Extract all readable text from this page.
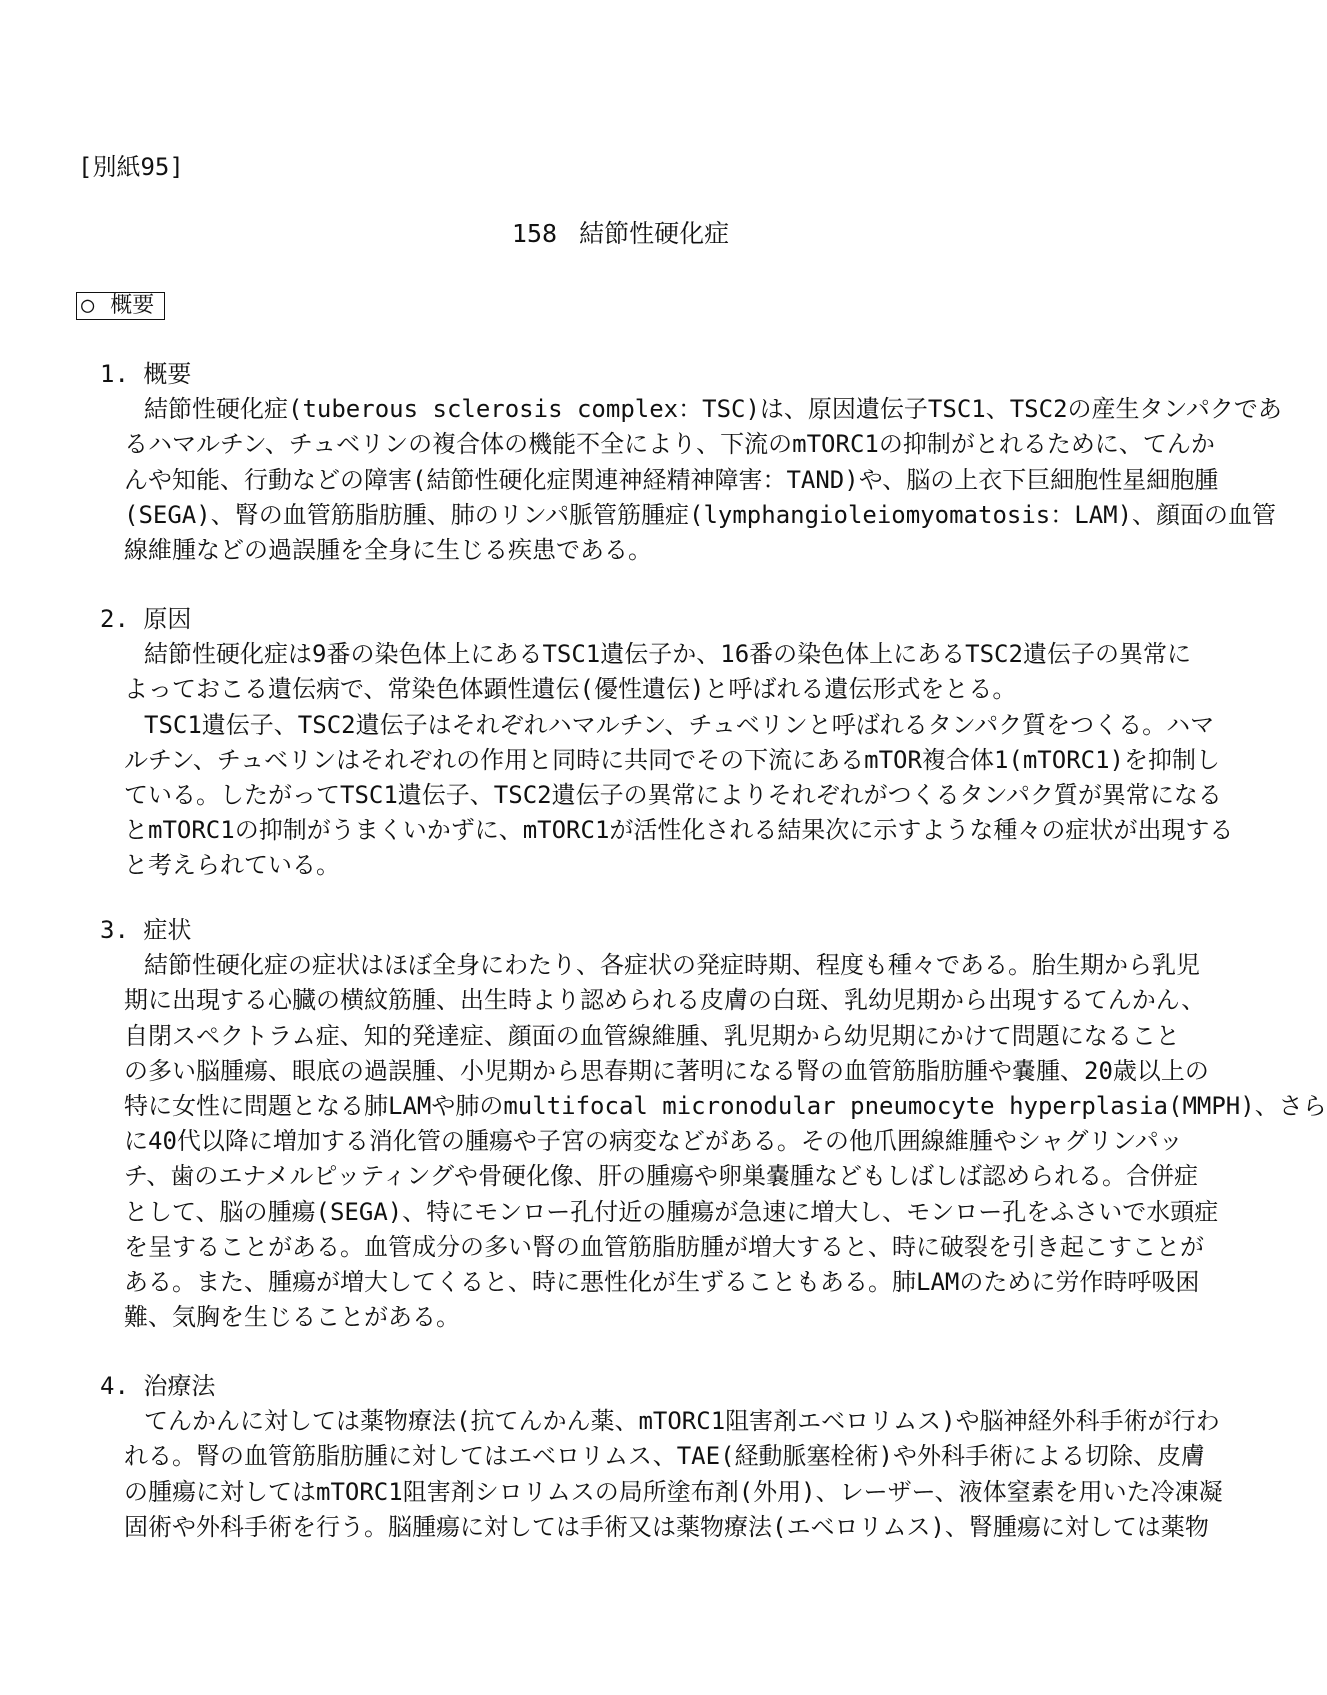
[別紙95]
158 結節性硬化症
○ 概要
1. 概要
結節性硬化症(tuberous sclerosis complex：TSC)は、原因遺伝子TSC1、TSC2の産生タンパクであ
るハマルチン、チュベリンの複合体の機能不全により、下流のmTORC1の抑制がとれるために、てんか
んや知能、行動などの障害(結節性硬化症関連神経精神障害：TAND)や、脳の上衣下巨細胞性星細胞腫
(SEGA)、腎の血管筋脂肪腫、肺のリンパ脈管筋腫症(lymphangioleiomyomatosis：LAM)、顔面の血管
線維腫などの過誤腫を全身に生じる疾患である。
2. 原因
結節性硬化症は9番の染色体上にあるTSC1遺伝子か、16番の染色体上にあるTSC2遺伝子の異常に
よっておこる遺伝病で、常染色体顕性遺伝(優性遺伝)と呼ばれる遺伝形式をとる。
TSC1遺伝子、TSC2遺伝子はそれぞれハマルチン、チュベリンと呼ばれるタンパク質をつくる。ハマ
ルチン、チュベリンはそれぞれの作用と同時に共同でその下流にあるmTOR複合体1(mTORC1)を抑制し
ている。したがってTSC1遺伝子、TSC2遺伝子の異常によりそれぞれがつくるタンパク質が異常になる
とmTORC1の抑制がうまくいかずに、mTORC1が活性化される結果次に示すような種々の症状が出現する
と考えられている。
3. 症状
結節性硬化症の症状はほぼ全身にわたり、各症状の発症時期、程度も種々である。胎生期から乳児
期に出現する心臓の横紋筋腫、出生時より認められる皮膚の白斑、乳幼児期から出現するてんかん、
自閉スペクトラム症、知的発達症、顔面の血管線維腫、乳児期から幼児期にかけて問題になること
の多い脳腫瘍、眼底の過誤腫、小児期から思春期に著明になる腎の血管筋脂肪腫や嚢腫、20歳以上の
特に女性に問題となる肺LAMや肺のmultifocal micronodular pneumocyte hyperplasia(MMPH)、さら
に40代以降に増加する消化管の腫瘍や子宮の病変などがある。その他爪囲線維腫やシャグリンパッ
チ、歯のエナメルピッティングや骨硬化像、肝の腫瘍や卵巣嚢腫などもしばしば認められる。合併症
として、脳の腫瘍(SEGA)、特にモンロー孔付近の腫瘍が急速に増大し、モンロー孔をふさいで水頭症
を呈することがある。血管成分の多い腎の血管筋脂肪腫が増大すると、時に破裂を引き起こすことが
ある。また、腫瘍が増大してくると、時に悪性化が生ずることもある。肺LAMのために労作時呼吸困
難、気胸を生じることがある。
4. 治療法
てんかんに対しては薬物療法(抗てんかん薬、mTORC1阻害剤エベロリムス)や脳神経外科手術が行わ
れる。腎の血管筋脂肪腫に対してはエベロリムス、TAE(経動脈塞栓術)や外科手術による切除、皮膚
の腫瘍に対してはmTORC1阻害剤シロリムスの局所塗布剤(外用)、レーザー、液体窒素を用いた冷凍凝
固術や外科手術を行う。脳腫瘍に対しては手術又は薬物療法(エベロリムス)、腎腫瘍に対しては薬物
